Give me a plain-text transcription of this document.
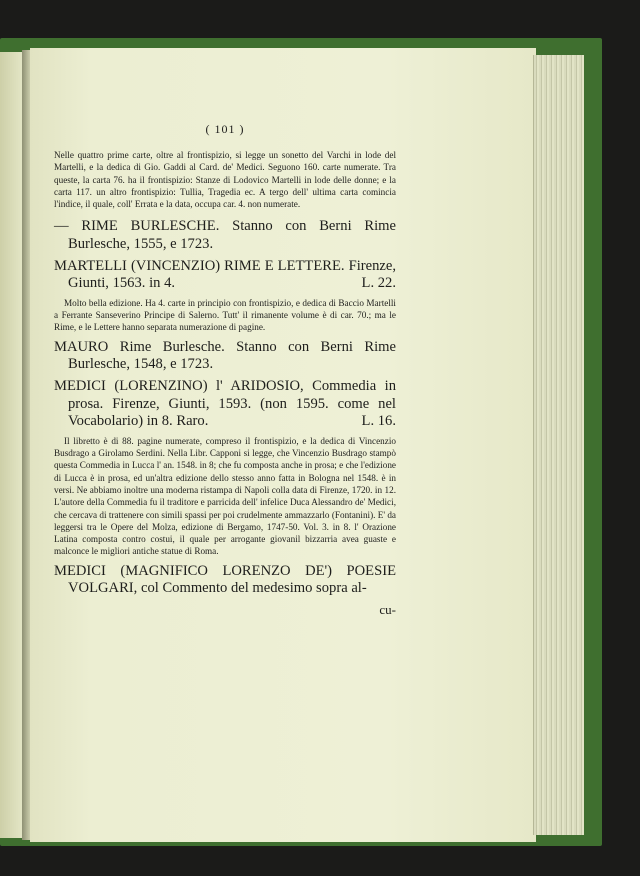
( 101 )

Nelle quattro prime carte, oltre al frontispizio, si legge un sonetto del Varchi in lode del Martelli, e la dedica di Gio. Gaddi al Card. de' Medici. Seguono 160. carte numerate. Tra queste, la carta 76. ha il frontispizio: Stanze di Lodovico Martelli in lode delle donne; e la carta 117. un altro frontispizio: Tullia, Tragedia ec. A tergo dell' ultima carta comincia l'indice, il quale, coll' Errata e la data, occupa car. 4. non numerate.

— RIME BURLESCHE. Stanno con Berni Rime Burlesche, 1555, e 1723.

MARTELLI (VINCENZIO) RIME E LETTERE. Firenze, Giunti, 1563. in 4.	L. 22.

Molto bella edizione. Ha 4. carte in principio con frontispizio, e dedica di Baccio Martelli a Ferrante Sanseverino Principe di Salerno. Tutt' il rimanente volume è di car. 70.; ma le Rime, e le Lettere hanno separata numerazione di pagine.

MAURO Rime Burlesche. Stanno con Berni Rime Burlesche, 1548, e 1723.

MEDICI (LORENZINO) l' ARIDOSIO, Commedia in prosa. Firenze, Giunti, 1593. (non 1595. come nel Vocabolario) in 8. Raro.	L. 16.

Il libretto è di 88. pagine numerate, compreso il frontispizio, e la dedica di Vincenzio Busdrago a Girolamo Serdini. Nella Libr. Capponi si legge, che Vincenzio Busdrago stampò questa Commedia in Lucca l' an. 1548. in 8; che fu composta anche in prosa; e che l'edizione di Lucca è in prosa, ed un'altra edizione dello stesso anno fatta in Bologna nel 1548. è in versi. Ne abbiamo inoltre una moderna ristampa di Napoli colla data di Firenze, 1720. in 12. L'autore della Commedia fu il traditore e parricida dell' infelice Duca Alessandro de' Medici, che cercava di trattenere con simili spassi per poi crudelmente ammazzarlo (Fontanini). E' da leggersi tra le Opere del Molza, edizione di Bergamo, 1747-50. Vol. 3. in 8. l' Orazione Latina composta contro costui, il quale per arrogante giovanil bizzarria avea guaste e malconce le migliori antiche statue di Roma.

MEDICI (MAGNIFICO LORENZO DE') POESIE VOLGARI, col Commento del medesimo sopra al-

cu-
